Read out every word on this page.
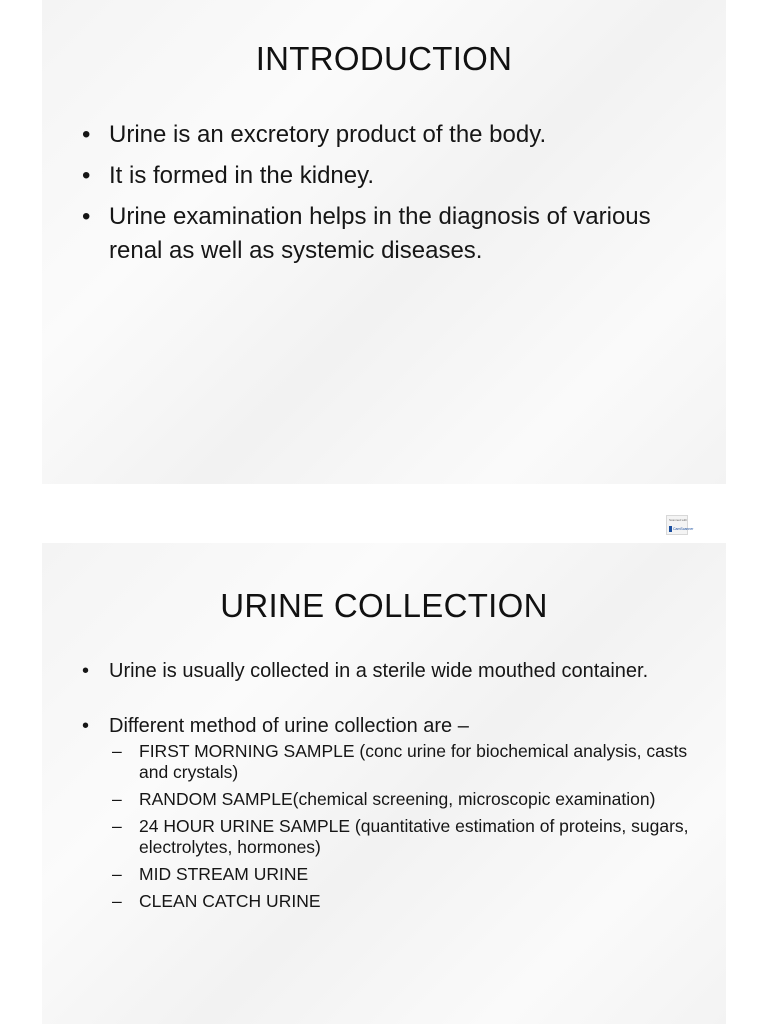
INTRODUCTION
• Urine is an excretory product of the body.
• It is formed in the kidney.
• Urine examination helps in the diagnosis of various renal as well as systemic diseases.
Scanned with
CamScanner
URINE COLLECTION
• Urine is usually collected in a sterile wide mouthed container.
• Different method of urine collection are –
– FIRST MORNING SAMPLE (conc urine for biochemical analysis, casts and crystals)
– RANDOM SAMPLE(chemical screening, microscopic examination)
– 24 HOUR URINE SAMPLE (quantitative estimation of proteins, sugars, electrolytes, hormones)
– MID STREAM URINE
– CLEAN CATCH URINE
